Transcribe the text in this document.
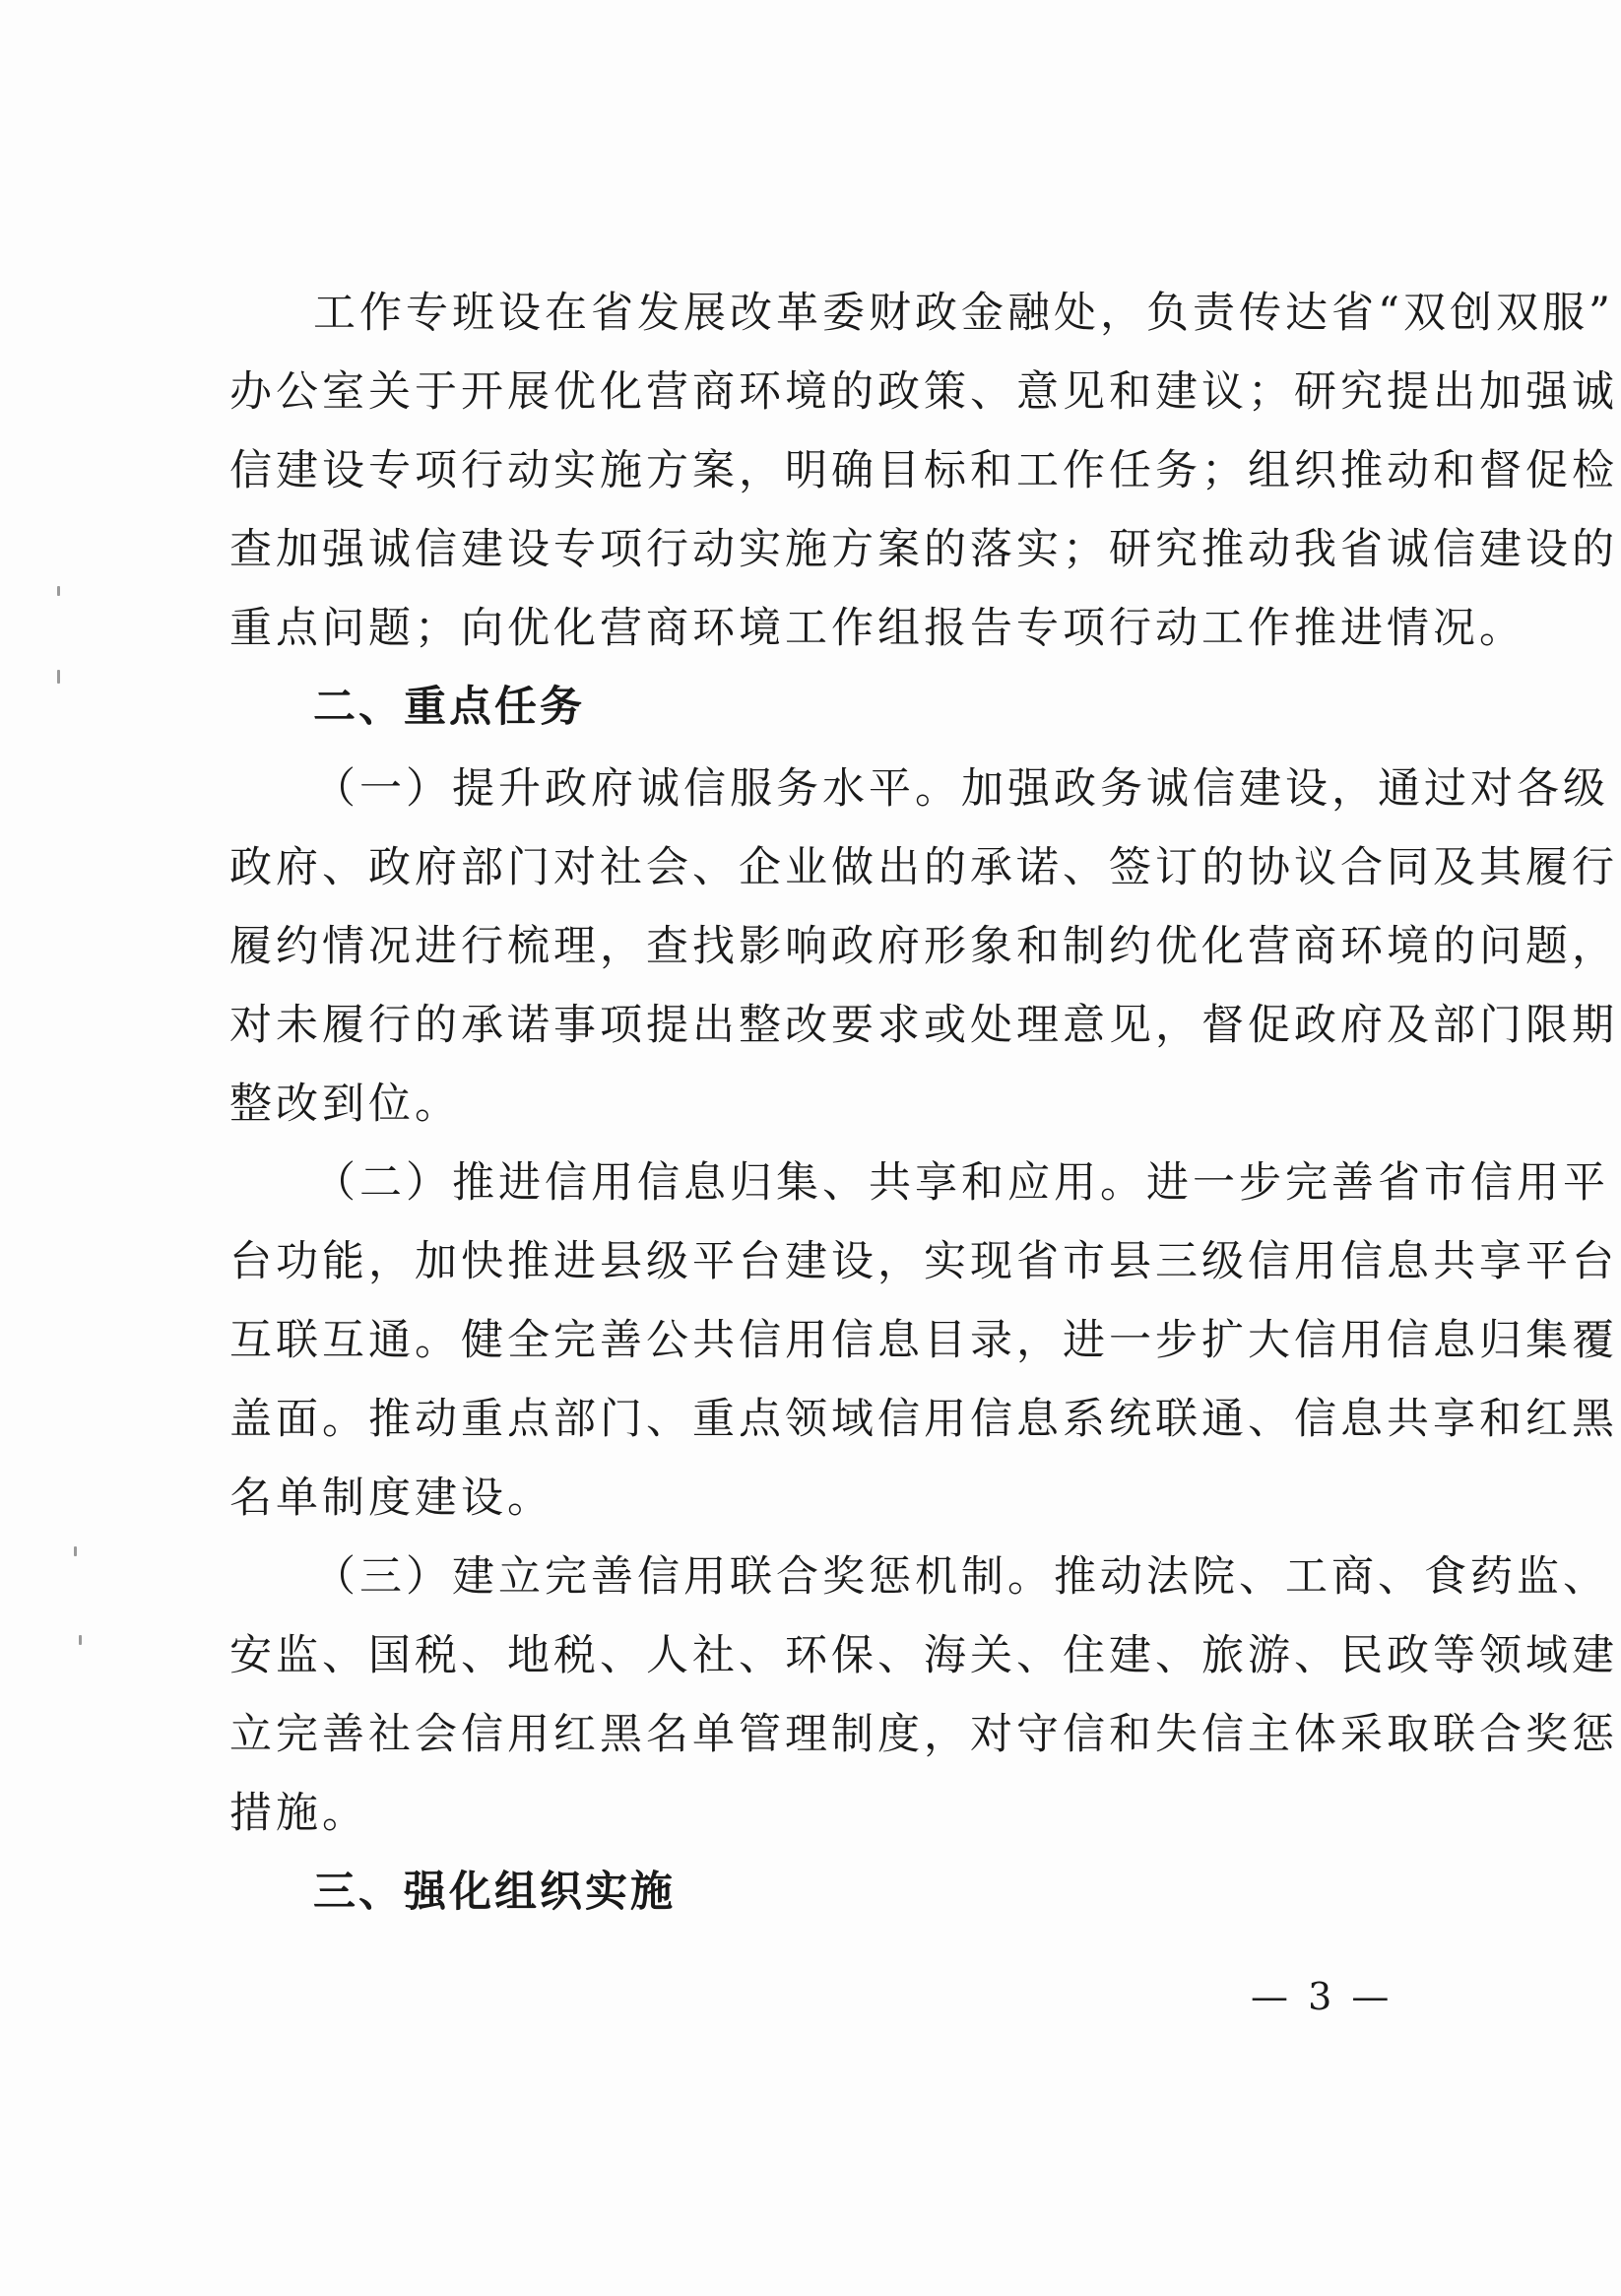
工作专班设在省发展改革委财政金融处，负责传达省“双创双服”
办公室关于开展优化营商环境的政策、意见和建议；研究提出加强诚
信建设专项行动实施方案，明确目标和工作任务；组织推动和督促检
查加强诚信建设专项行动实施方案的落实；研究推动我省诚信建设的
重点问题；向优化营商环境工作组报告专项行动工作推进情况。
二、重点任务
（一）提升政府诚信服务水平。加强政务诚信建设，通过对各级
政府、政府部门对社会、企业做出的承诺、签订的协议合同及其履行
履约情况进行梳理，查找影响政府形象和制约优化营商环境的问题，
对未履行的承诺事项提出整改要求或处理意见，督促政府及部门限期
整改到位。
（二）推进信用信息归集、共享和应用。进一步完善省市信用平
台功能，加快推进县级平台建设，实现省市县三级信用信息共享平台
互联互通。健全完善公共信用信息目录，进一步扩大信用信息归集覆
盖面。推动重点部门、重点领域信用信息系统联通、信息共享和红黑
名单制度建设。
（三）建立完善信用联合奖惩机制。推动法院、工商、食药监、
安监、国税、地税、人社、环保、海关、住建、旅游、民政等领域建
立完善社会信用红黑名单管理制度，对守信和失信主体采取联合奖惩
措施。
三、强化组织实施
— 3 —
